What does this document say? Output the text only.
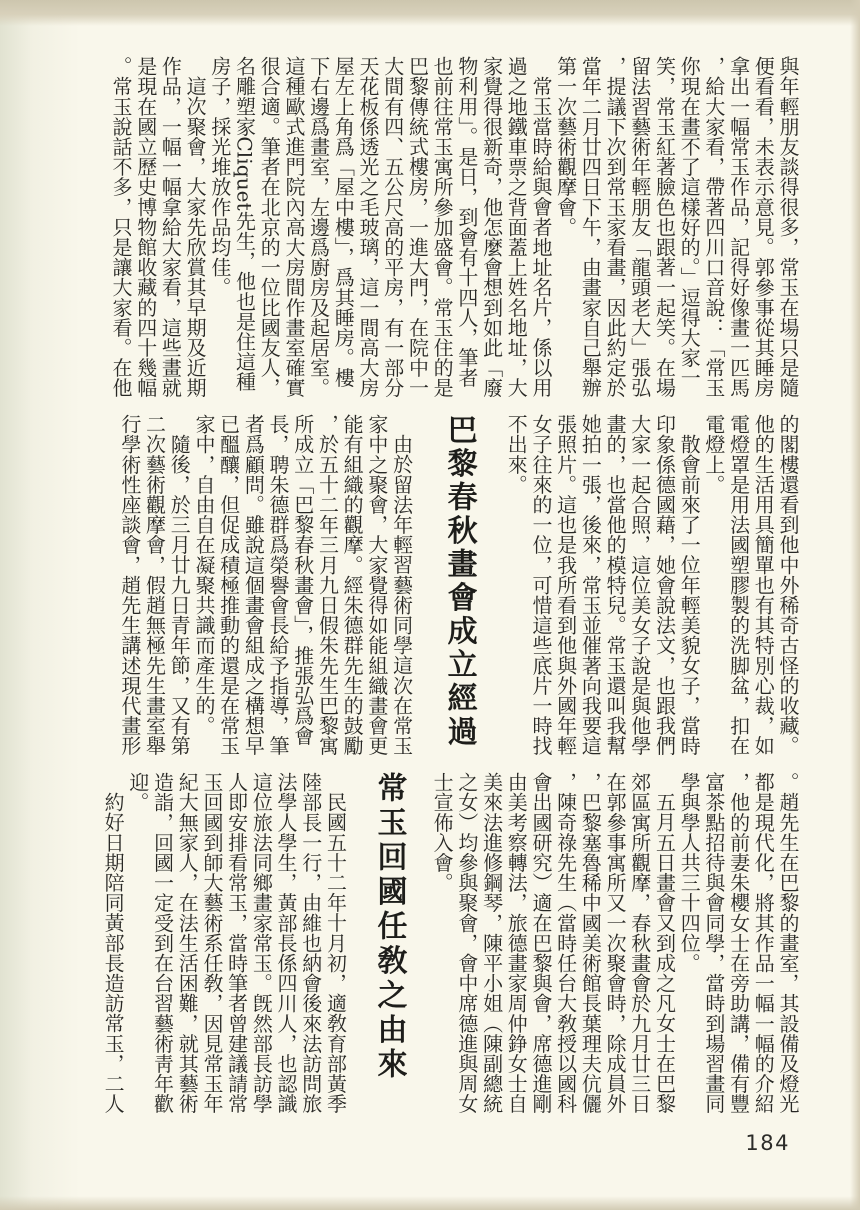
與年輕朋友談得很多，常玉在場只是隨便看看，未表示意見。郭參事從其睡房拿出一幅常玉作品，記得好像畫一匹馬，給大家看，帶著四川口音說：「常玉你現在畫不了這樣好的。」逗得大家一笑，常玉紅著臉色也跟著一起笑。在場留法習藝術年輕朋友「龍頭老大」張弘，提議下次到常玉家看畫，因此約定於當年二月廿四日下午，由畫家自己舉辦第一次藝術觀摩會。

常玉當時給與會者地址名片，係以用過之地鐵車票之背面蓋上姓名地址，大家覺得很新奇，他怎麼會想到如此「廢物利用」。是日，到會有十四人，筆者也前往常玉寓所參加盛會。常玉住的是巴黎傳統式樓房，一進大門，在院中一大間有四、五公尺高的平房，有一部分天花板係透光之毛玻璃，這一間高大房屋左上角爲「屋中樓」，爲其睡房。樓下右邊爲畫室，左邊爲廚房及起居室。這種歐式進門院內高大房間作畫室確實很合適。筆者在北京的一位比國友人，名雕塑家Cliquet先生，他也是住這種房子，採光堆放作品均佳。

這次聚會，大家先欣賞其早期及近期作品，一幅一幅拿給大家看，這些畫就是現在國立歷史博物館收藏的四十幾幅。常玉說話不多，只是讓大家看。在他

的閣樓還看到他中外稀奇古怪的收藏。他的生活用具簡單也有其特別心裁，如電燈罩是用法國塑膠製的洗脚盆，扣在電燈上。

散會前來了一位年輕美貌女子，當時印象係德國藉，她會說法文，也跟我們大家一起合照，這位美女子說是與他學畫的，也當他的模特兒。常玉還叫我幫她拍一張，後來，常玉並催著向我要這張照片。這也是我所看到他與外國年輕女子往來的一位，可惜這些底片一時找不出來。

巴黎春秋畫會成立經過

由於留法年輕習藝術同學這次在常玉家中之聚會，大家覺得如能組織畫會更能有組織的觀摩。經朱德群先生的鼓勵，於五十二年三月九日假朱先生巴黎寓所成立「巴黎春秋畫會」，推張弘爲會長，聘朱德群爲榮譽會長給予指導，筆者爲顧問。雖說這個畫會組成之構想早已醞釀，但促成積極推動的還是在常玉家中，自由自在凝聚共識而產生的。

隨後，於三月廿九日青年節，又有第二次藝術觀摩會，假趙無極先生畫室舉行學術性座談會，趙先生講述現代畫形

。趙先生在巴黎的畫室，其設備及燈光都是現代化，將其作品一幅一幅的介紹，他的前妻朱櫻女士在旁助講，備有豐富茶點招待與會同學，當時到場習畫同學與學人共三十四位。

五月五日畫會又到成之凡女士在巴黎郊區寓所觀摩，春秋畫會於九月廿三日在郭參事寓所又一次聚會時，除成員外，巴黎塞魯稀中國美術館長葉理夫伉儷，陳奇祿先生（當時任台大敎授以國科會出國研究）適在巴黎與會，席德進剛由美考察轉法，旅德畫家周仲錚女士自美來法進修鋼琴，陳平小姐（陳副總統之女）均參與聚會，會中席德進與周女士宣佈入會。

常玉回國任敎之由來

民國五十二年十月初，適敎育部黃季陸部長一行，由維也納會後來法訪問旅法學人學生，黃部長係四川人，也認識這位旅法同鄉畫家常玉。旣然部長訪學人即安排看常玉，當時筆者曾建議請常玉回國到師大藝術系任敎，因見常玉年紀大無家人，在法生活困難，就其藝術造詣，回國一定受到在台習藝術靑年歡迎。

約好日期陪同黃部長造訪常玉，二人

184
